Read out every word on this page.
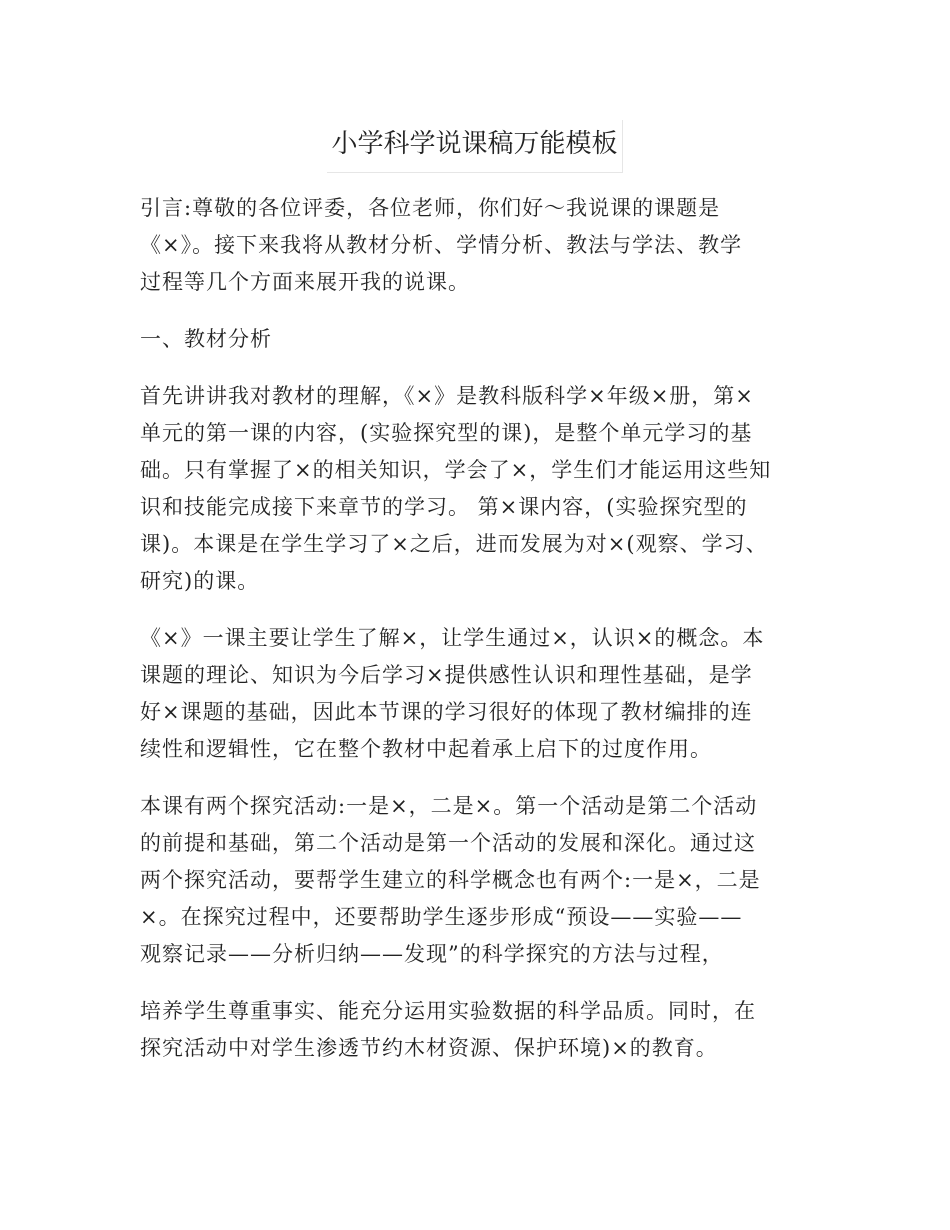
小学科学说课稿万能模板

引言:尊敬的各位评委，各位老师，你们好～我说课的课题是
《×》。接下来我将从教材分析、学情分析、教法与学法、教学
过程等几个方面来展开我的说课。

一、教材分析

首先讲讲我对教材的理解，《×》是教科版科学×年级×册，第×
单元的第一课的内容，(实验探究型的课)，是整个单元学习的基
础。只有掌握了×的相关知识，学会了×，学生们才能运用这些知
识和技能完成接下来章节的学习。 第×课内容，(实验探究型的
课)。本课是在学生学习了×之后，进而发展为对×(观察、学习、
研究)的课。

《×》一课主要让学生了解×，让学生通过×，认识×的概念。本
课题的理论、知识为今后学习×提供感性认识和理性基础，是学
好×课题的基础，因此本节课的学习很好的体现了教材编排的连
续性和逻辑性，它在整个教材中起着承上启下的过度作用。

本课有两个探究活动:一是×，二是×。第一个活动是第二个活动
的前提和基础，第二个活动是第一个活动的发展和深化。通过这
两个探究活动，要帮学生建立的科学概念也有两个:一是×，二是
×。在探究过程中，还要帮助学生逐步形成“预设——实验——
观察记录——分析归纳——发现”的科学探究的方法与过程，

培养学生尊重事实、能充分运用实验数据的科学品质。同时，在
探究活动中对学生渗透节约木材资源、保护环境)×的教育。
